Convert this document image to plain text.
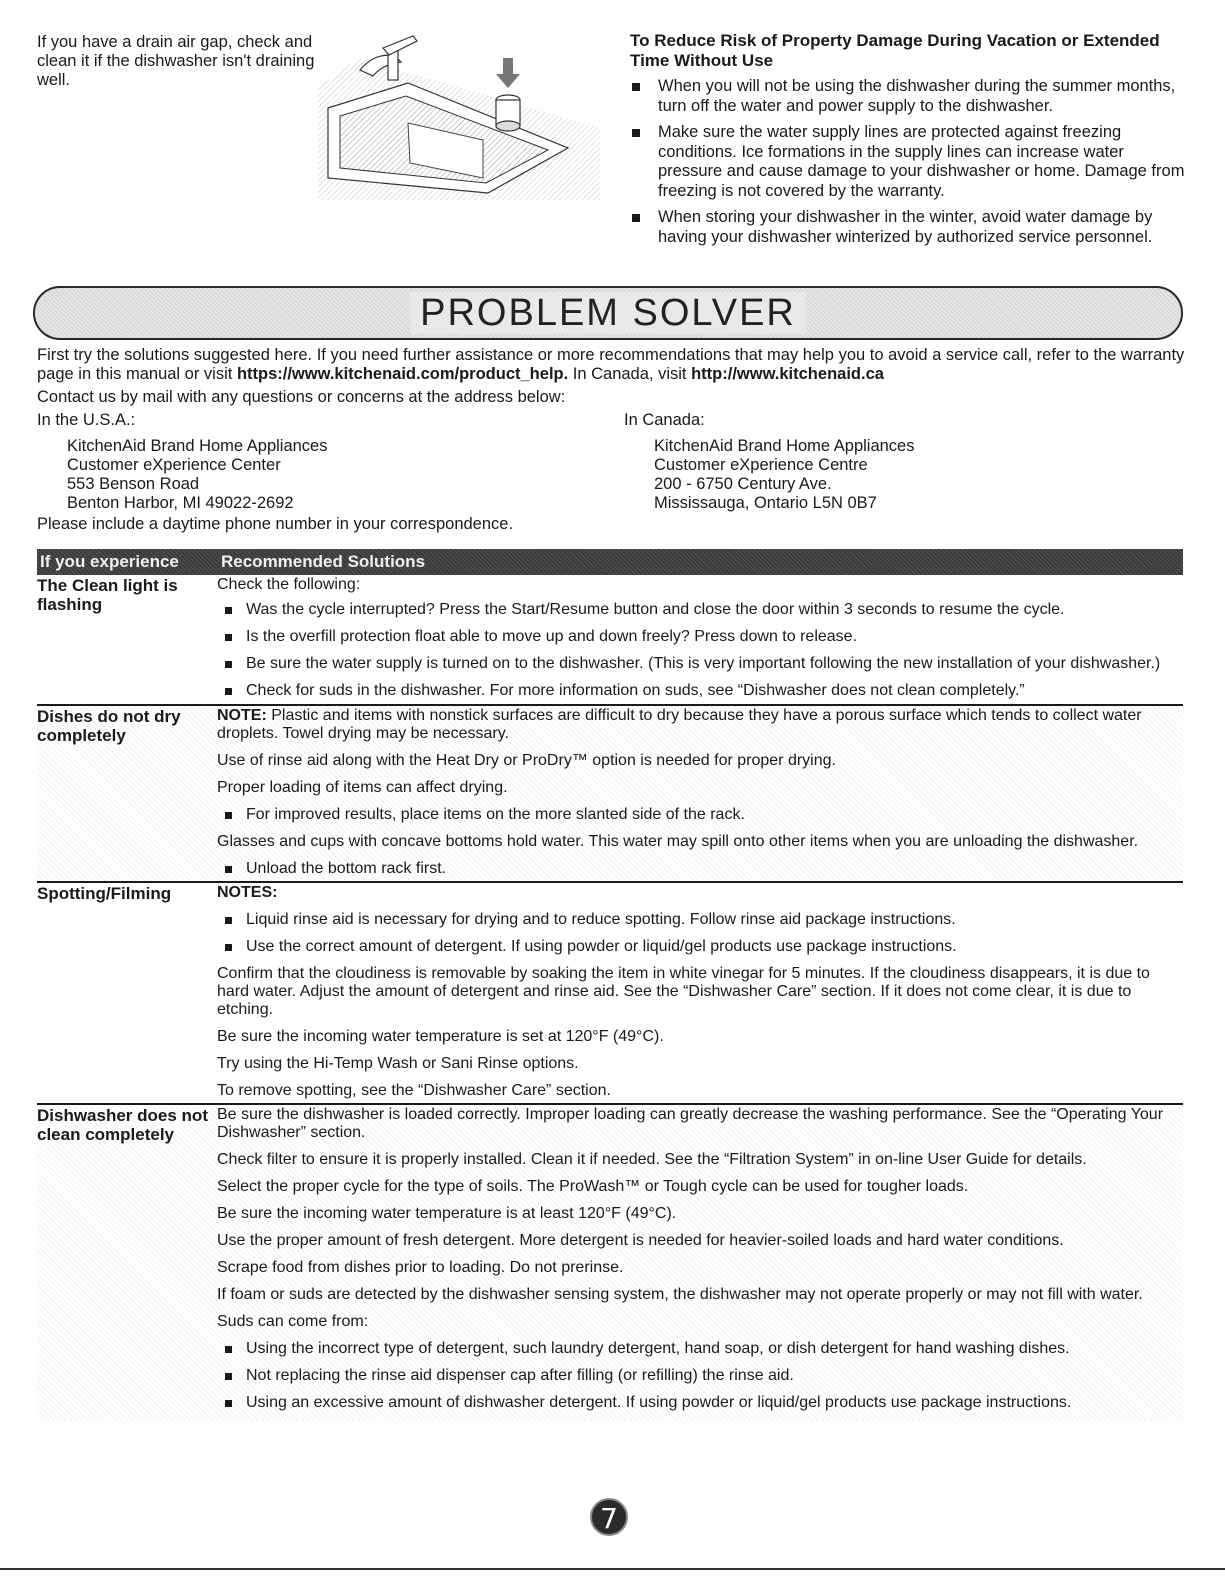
If you have a drain air gap, check and clean it if the dishwasher isn't draining well.
To Reduce Risk of Property Damage During Vacation or Extended Time Without Use
When you will not be using the dishwasher during the summer months, turn off the water and power supply to the dishwasher.
Make sure the water supply lines are protected against freezing conditions. Ice formations in the supply lines can increase water pressure and cause damage to your dishwasher or home. Damage from freezing is not covered by the warranty.
When storing your dishwasher in the winter, avoid water damage by having your dishwasher winterized by authorized service personnel.
PROBLEM SOLVER

First try the solutions suggested here. If you need further assistance or more recommendations that may help you to avoid a service call, refer to the warranty page in this manual or visit https://www.kitchenaid.com/product_help. In Canada, visit http://www.kitchenaid.ca

Contact us by mail with any questions or concerns at the address below:

In the U.S.A.:
KitchenAid Brand Home Appliances
Customer eXperience Center
553 Benson Road
Benton Harbor, MI 49022-2692
In Canada:
KitchenAid Brand Home Appliances
Customer eXperience Centre
200 - 6750 Century Ave.
Mississauga, Ontario L5N 0B7

Please include a daytime phone number in your correspondence.

If you experience Recommended Solutions
The Clean light is flashing

Check the following:

Was the cycle interrupted? Press the Start/Resume button and close the door within 3 seconds to resume the cycle.
Is the overfill protection float able to move up and down freely? Press down to release.
Be sure the water supply is turned on to the dishwasher. (This is very important following the new installation of your dishwasher.)
Check for suds in the dishwasher. For more information on suds, see “Dishwasher does not clean completely.”
Dishes do not dry completely

NOTE: Plastic and items with nonstick surfaces are difficult to dry because they have a porous surface which tends to collect water droplets. Towel drying may be necessary.

Use of rinse aid along with the Heat Dry or ProDry™ option is needed for proper drying.

Proper loading of items can affect drying.

For improved results, place items on the more slanted side of the rack.

Glasses and cups with concave bottoms hold water. This water may spill onto other items when you are unloading the dishwasher.

Unload the bottom rack first.
Spotting/Filming	NOTES:

Liquid rinse aid is necessary for drying and to reduce spotting. Follow rinse aid package instructions.
Use the correct amount of detergent. If using powder or liquid/gel products use package instructions.

Confirm that the cloudiness is removable by soaking the item in white vinegar for 5 minutes. If the cloudiness disappears, it is due to hard water. Adjust the amount of detergent and rinse aid. See the “Dishwasher Care” section. If it does not come clear, it is due to etching.

Be sure the incoming water temperature is set at 120°F (49°C).

Try using the Hi-Temp Wash or Sani Rinse options.

To remove spotting, see the “Dishwasher Care” section.

Dishwasher does not clean completely

Be sure the dishwasher is loaded correctly. Improper loading can greatly decrease the washing performance. See the “Operating Your Dishwasher” section.

Check filter to ensure it is properly installed. Clean it if needed. See the “Filtration System” in on-line User Guide for details.

Select the proper cycle for the type of soils. The ProWash™ or Tough cycle can be used for tougher loads.

Be sure the incoming water temperature is at least 120°F (49°C).

Use the proper amount of fresh detergent. More detergent is needed for heavier-soiled loads and hard water conditions.

Scrape food from dishes prior to loading. Do not prerinse.

If foam or suds are detected by the dishwasher sensing system, the dishwasher may not operate properly or may not fill with water.

Suds can come from:

Using the incorrect type of detergent, such laundry detergent, hand soap, or dish detergent for hand washing dishes.
Not replacing the rinse aid dispenser cap after filling (or refilling) the rinse aid.
Using an excessive amount of dishwasher detergent. If using powder or liquid/gel products use package instructions.
7
